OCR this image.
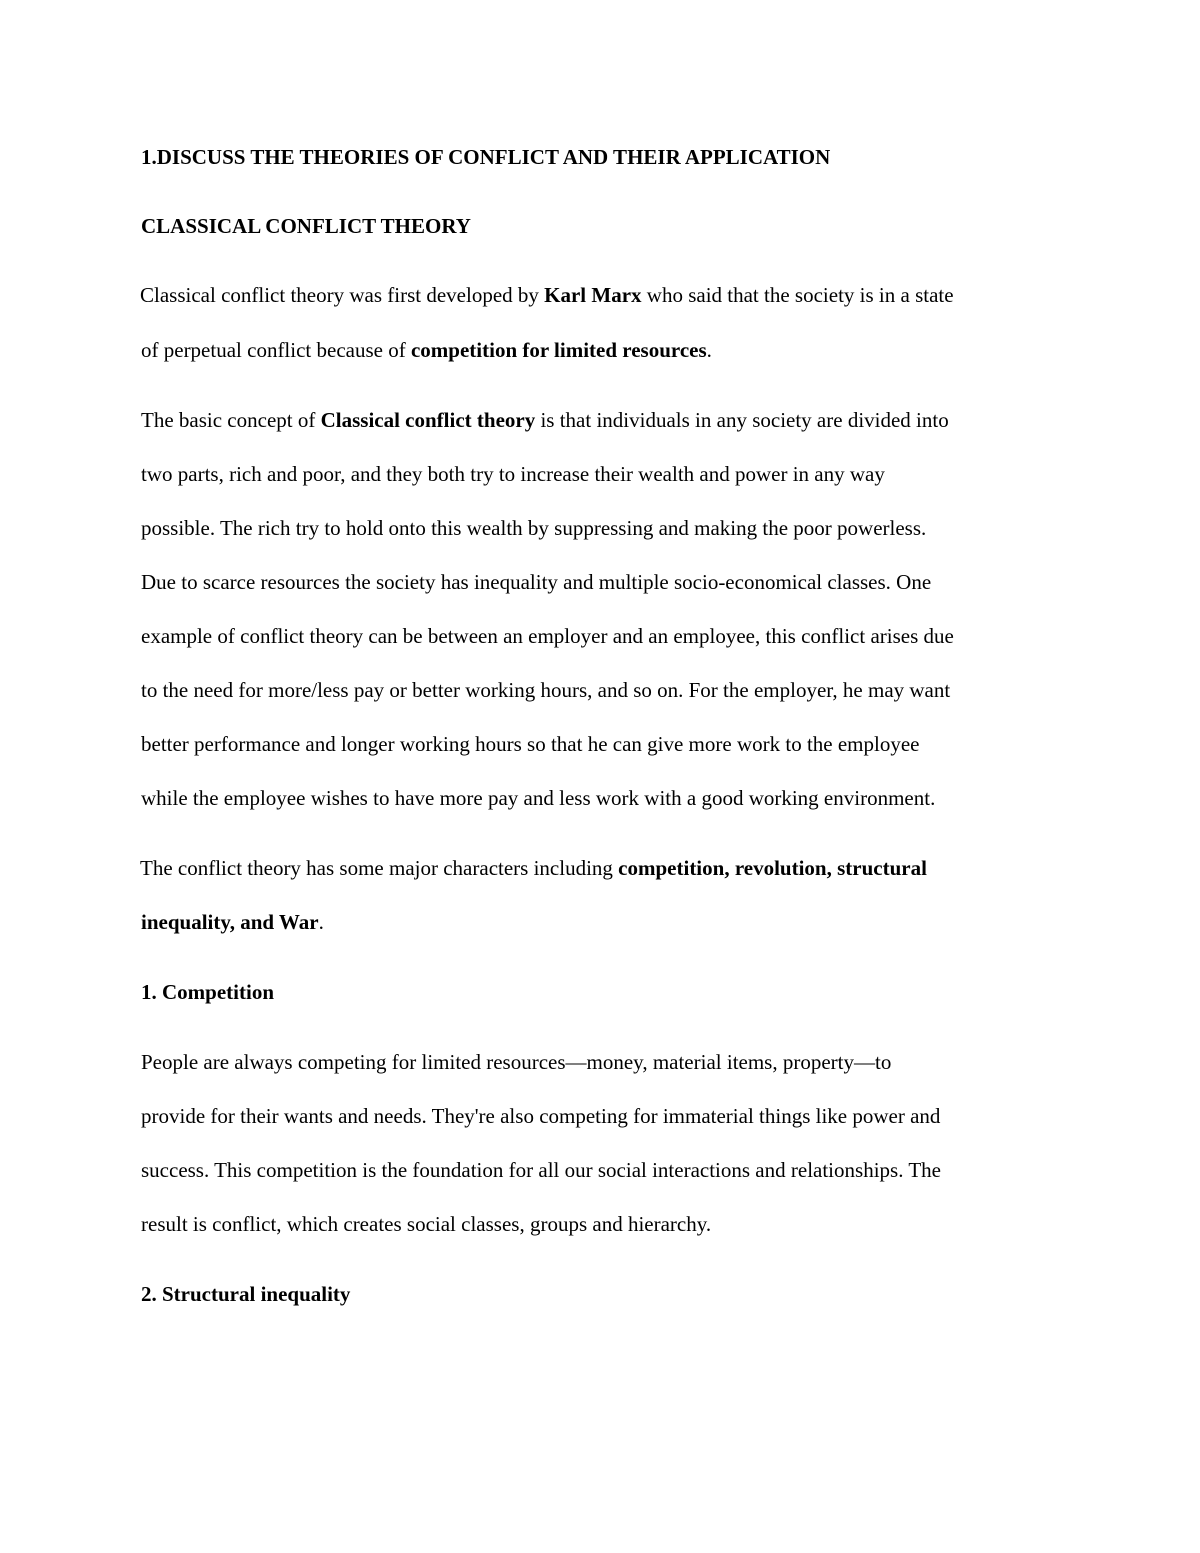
1.DISCUSS THE THEORIES OF CONFLICT AND THEIR APPLICATION
CLASSICAL CONFLICT THEORY
Classical conflict theory was first developed by Karl Marx who said that the society is in a state
of perpetual conflict because of competition for limited resources.
The basic concept of Classical conflict theory is that individuals in any society are divided into
two parts, rich and poor, and they both try to increase their wealth and power in any way
possible. The rich try to hold onto this wealth by suppressing and making the poor powerless.
Due to scarce resources the society has inequality and multiple socio-economical classes. One
example of conflict theory can be between an employer and an employee, this conflict arises due
to the need for more/less pay or better working hours, and so on. For the employer, he may want
better performance and longer working hours so that he can give more work to the employee
while the employee wishes to have more pay and less work with a good working environment.
The conflict theory has some major characters including competition, revolution, structural
inequality, and War.
1. Competition
People are always competing for limited resources—money, material items, property—to
provide for their wants and needs. They're also competing for immaterial things like power and
success. This competition is the foundation for all our social interactions and relationships. The
result is conflict, which creates social classes, groups and hierarchy.
2. Structural inequality
